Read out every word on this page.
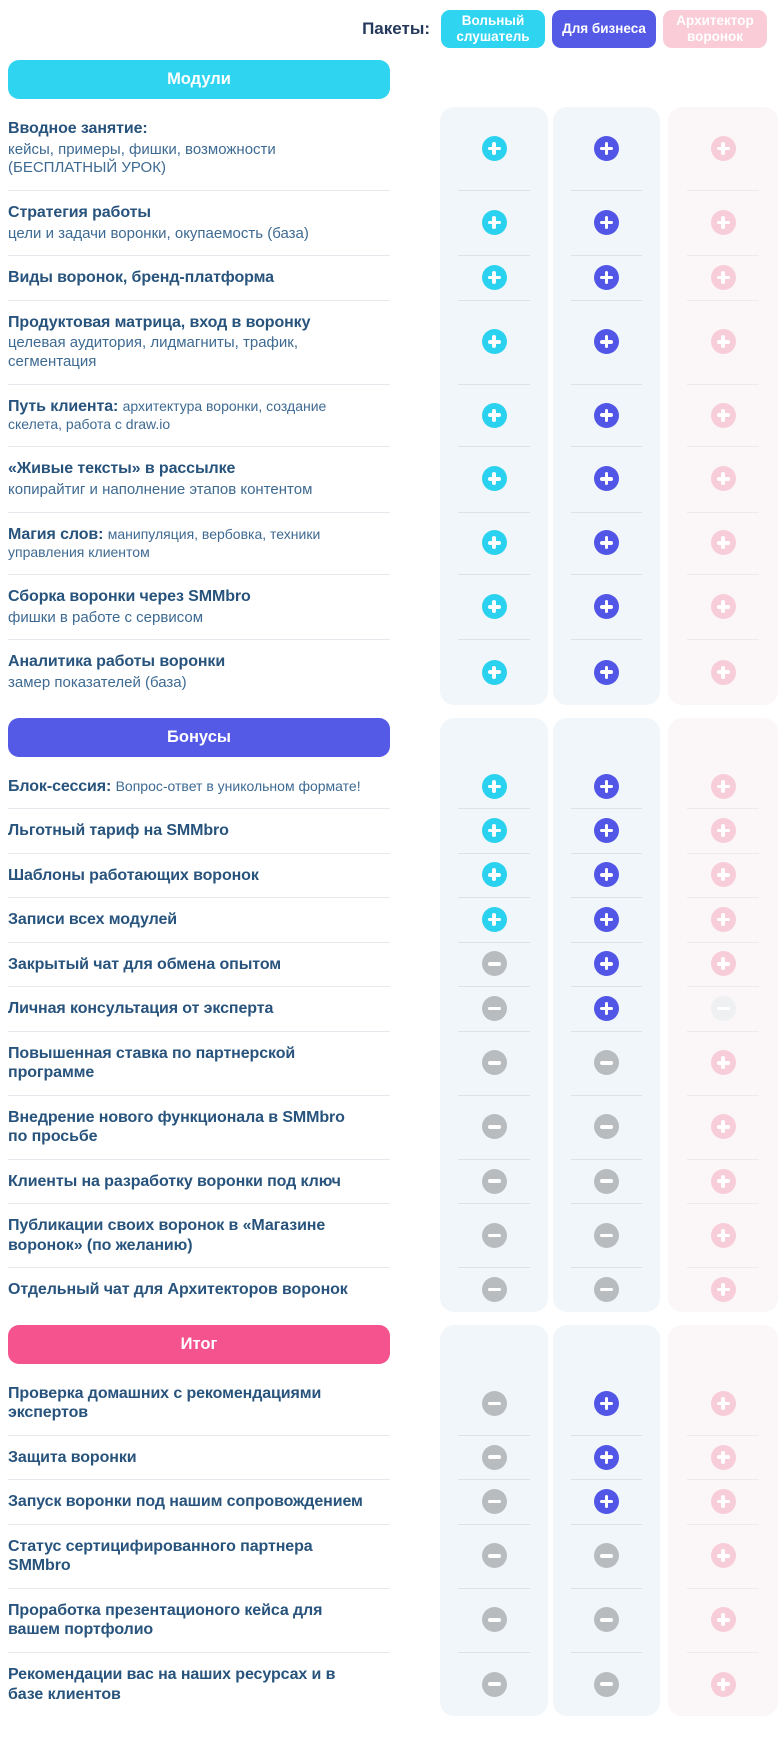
Пакеты:	Вольный слушатель
Для бизнеса
Архитектор воронок
Модули
Вводное занятие:
кейсы, примеры, фишки, возможности (БЕСПЛАТНЫЙ УРОК)
Стратегия работы
цели и задачи воронки, окупаемость (база)
Виды воронок, бренд-платформа
Продуктовая матрица, вход в воронку
целевая аудитория, лидмагниты, трафик, сегментация
Путь клиента: архитектура воронки, создание скелета, работа с draw.io
«Живые тексты» в рассылке
копирайтиг и наполнение этапов контентом
Магия слов: манипуляция, вербовка, техники управления клиентом
Сборка воронки через SMMbro
фишки в работе с сервисом
Аналитика работы воронки
замер показателей (база)
Бонусы
Блок-сессия: Вопрос-ответ в уникольном формате!
Льготный тариф на SMMbro
Шаблоны работающих воронок
Записи всех модулей
Закрытый чат для обмена опытом
Личная консультация от эксперта
Повышенная ставка по партнерской программе
Внедрение нового функционала в SMMbro по просьбе
Клиенты на разработку воронки под ключ
Публикации своих воронок в «Магазине воронок» (по желанию)
Отдельный чат для Архитекторов воронок
Итог
Проверка домашних с рекомендациями экспертов
Защита воронки
Запуск воронки под нашим сопровождением
Статус сертицифированного партнера SMMbro
Проработка презентационого кейса для вашем портфолио
Рекомендации вас на наших ресурсах и в базе клиентов
